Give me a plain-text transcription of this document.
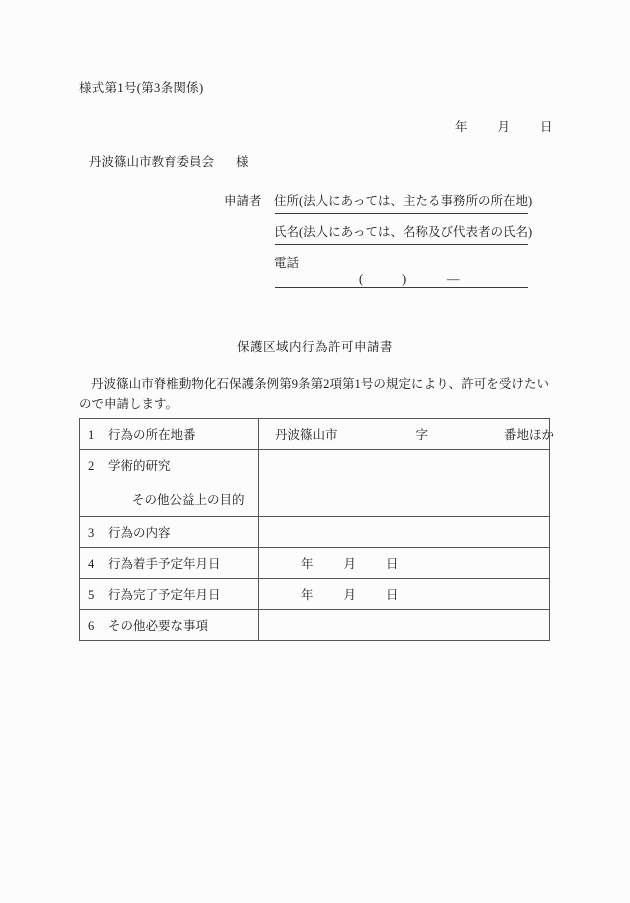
様式第1号(第3条関係)
年 月 日
丹波篠山市教育委員会 様
申請者 住所(法人にあっては、主たる事務所の所在地)
氏名(法人にあっては、名称及び代表者の氏名)
電話
(	)	—
保護区域内行為許可申請書
丹波篠山市脊椎動物化石保護条例第9条第2項第1号の規定により、許可を受けたいので申請します。
1 行為の所在地番	丹波篠山市 字 番地ほか

2 学術的研究
その他公益上の目的	

3 行為の内容	

4 行為着手予定年月日	年 月 日

5 行為完了予定年月日	年 月 日

6 その他必要な事項	
